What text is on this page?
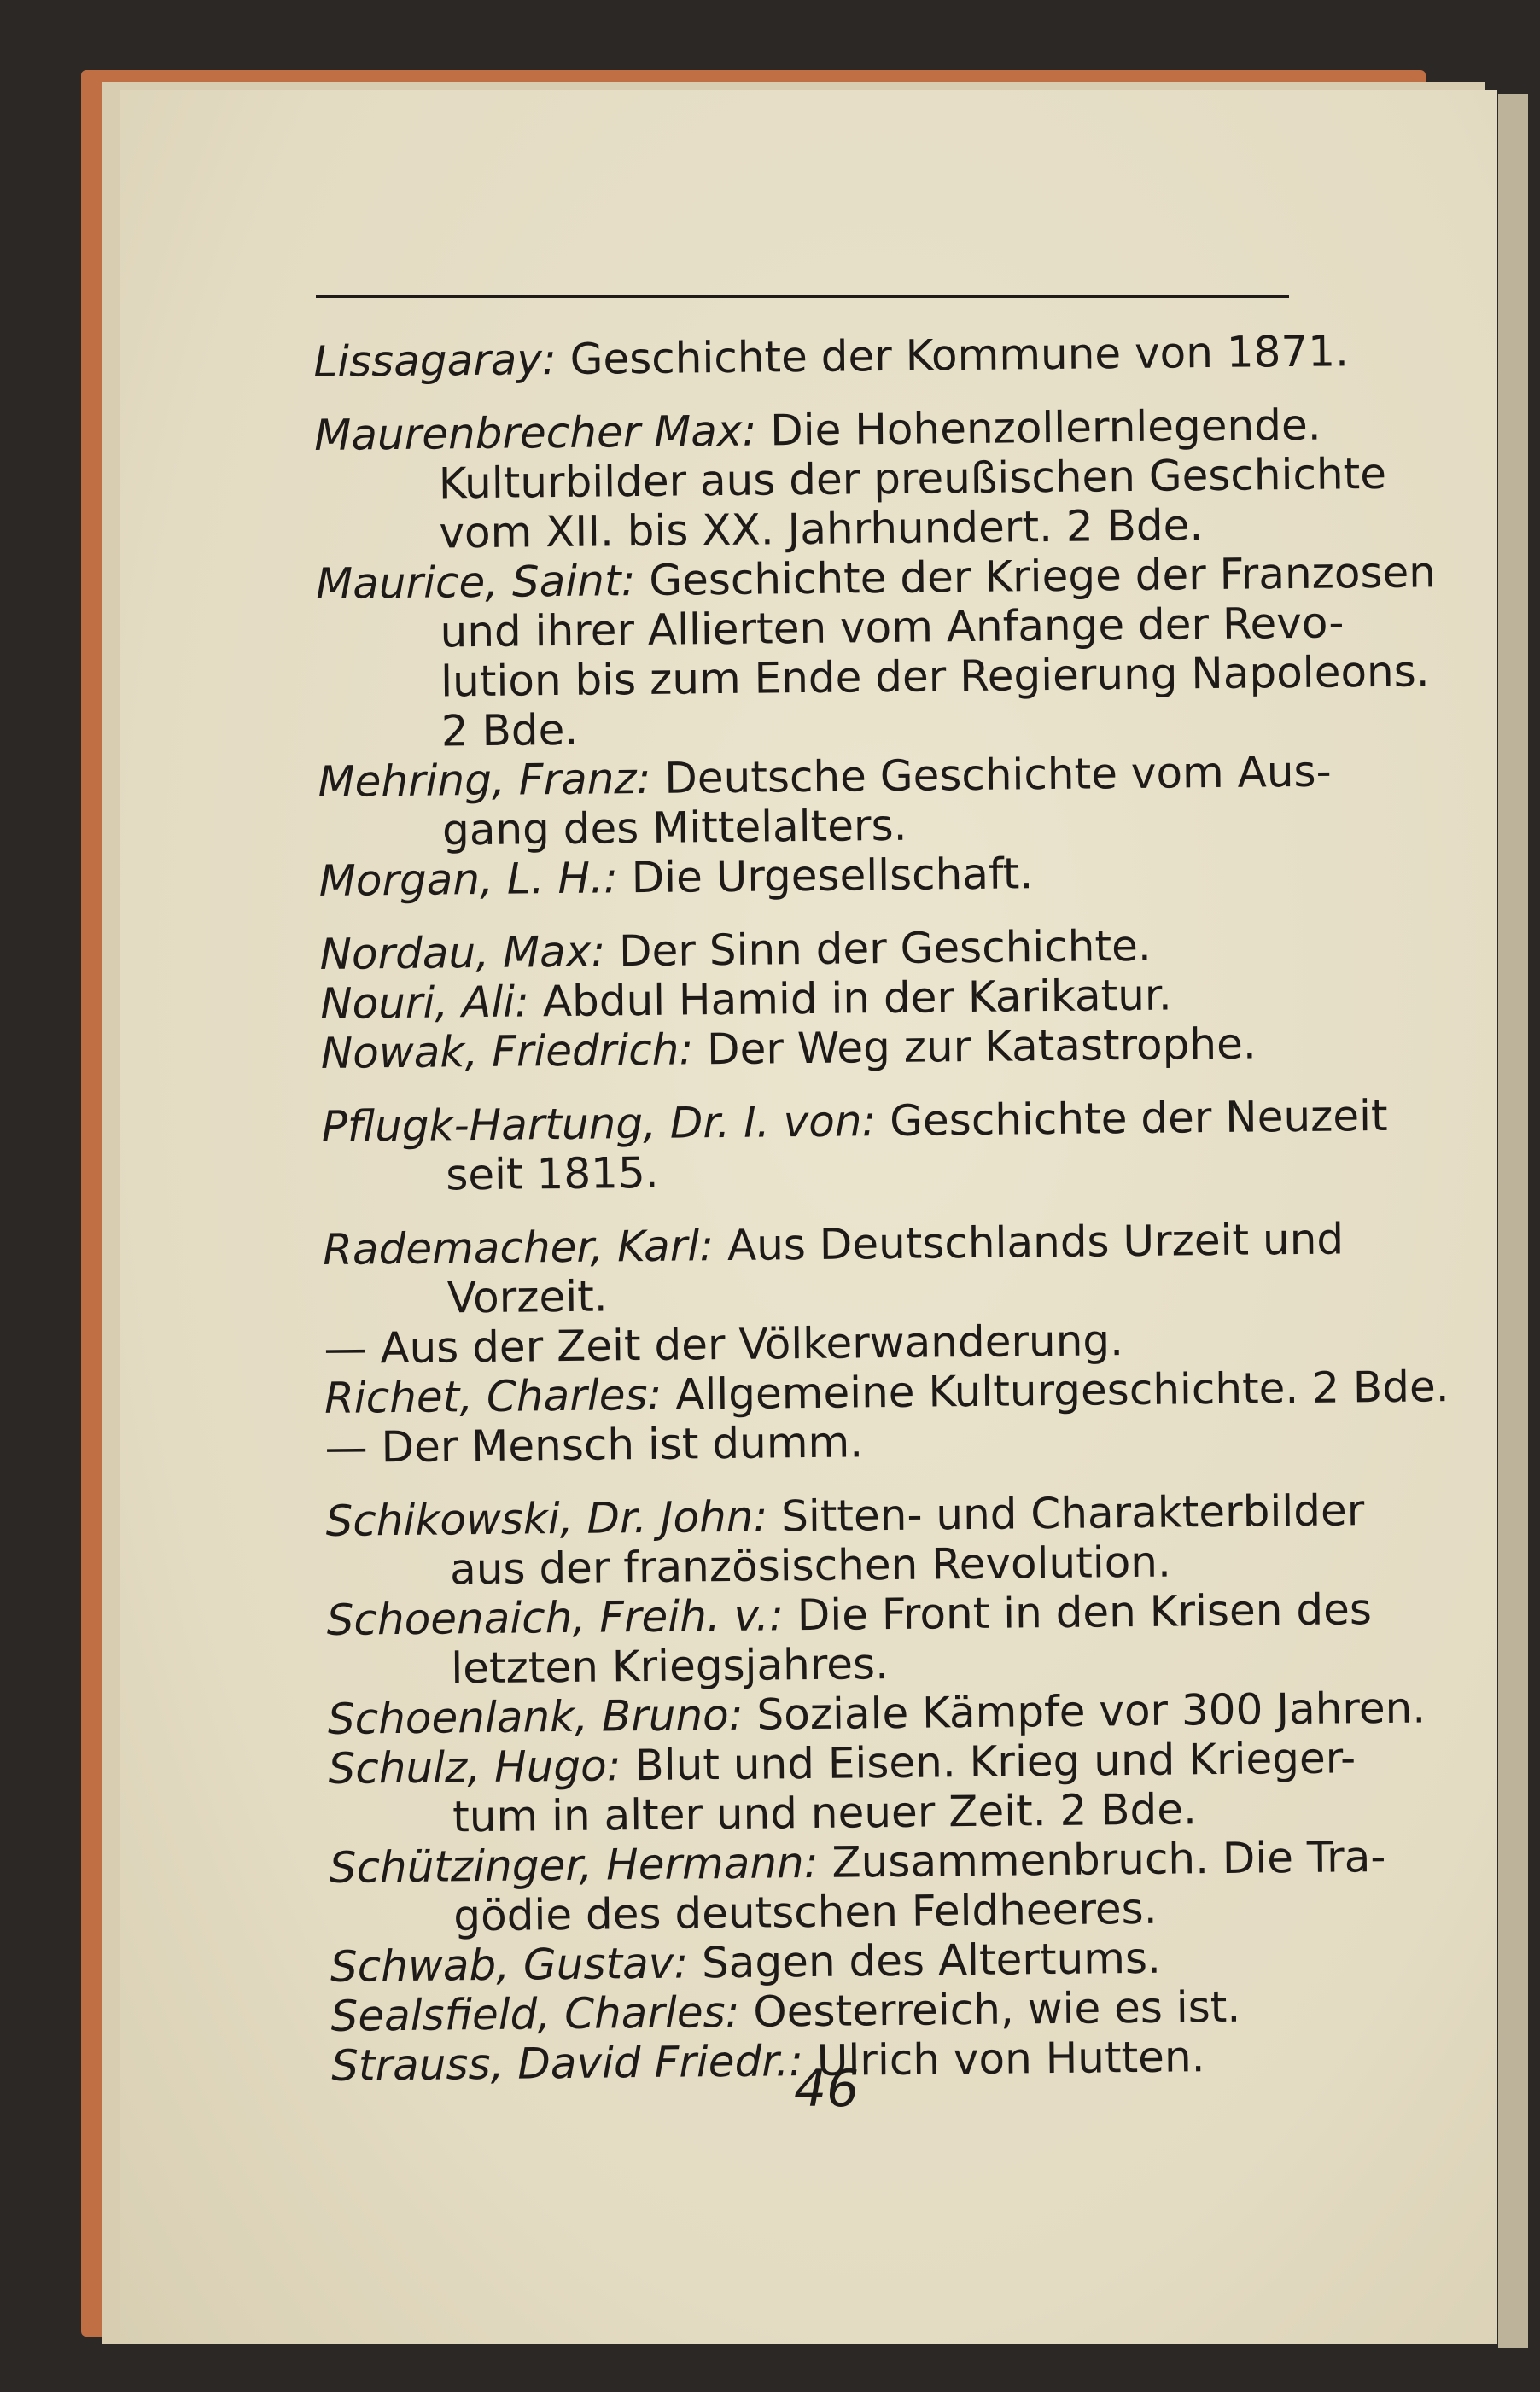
Lissagaray: Geschichte der Kommune von 1871.
Maurenbrecher Max: Die Hohenzollernlegende.
Kulturbilder aus der preußischen Geschichte
vom XII. bis XX. Jahrhundert. 2 Bde.
Maurice, Saint: Geschichte der Kriege der Franzosen
und ihrer Allierten vom Anfange der Revo-
lution bis zum Ende der Regierung Napoleons.
2 Bde.
Mehring, Franz: Deutsche Geschichte vom Aus-
gang des Mittelalters.
Morgan, L. H.: Die Urgesellschaft.
Nordau, Max: Der Sinn der Geschichte.
Nouri, Ali: Abdul Hamid in der Karikatur.
Nowak, Friedrich: Der Weg zur Katastrophe.
Pflugk-Hartung, Dr. I. von: Geschichte der Neuzeit
seit 1815.
Rademacher, Karl: Aus Deutschlands Urzeit und
Vorzeit.
— Aus der Zeit der Völkerwanderung.
Richet, Charles: Allgemeine Kulturgeschichte. 2 Bde.
— Der Mensch ist dumm.
Schikowski, Dr. John: Sitten- und Charakterbilder
aus der französischen Revolution.
Schoenaich, Freih. v.: Die Front in den Krisen des
letzten Kriegsjahres.
Schoenlank, Bruno: Soziale Kämpfe vor 300 Jahren.
Schulz, Hugo: Blut und Eisen. Krieg und Krieger-
tum in alter und neuer Zeit. 2 Bde.
Schützinger, Hermann: Zusammenbruch. Die Tra-
gödie des deutschen Feldheeres.
Schwab, Gustav: Sagen des Altertums.
Sealsfield, Charles: Oesterreich, wie es ist.
Strauss, David Friedr.: Ulrich von Hutten.
46
